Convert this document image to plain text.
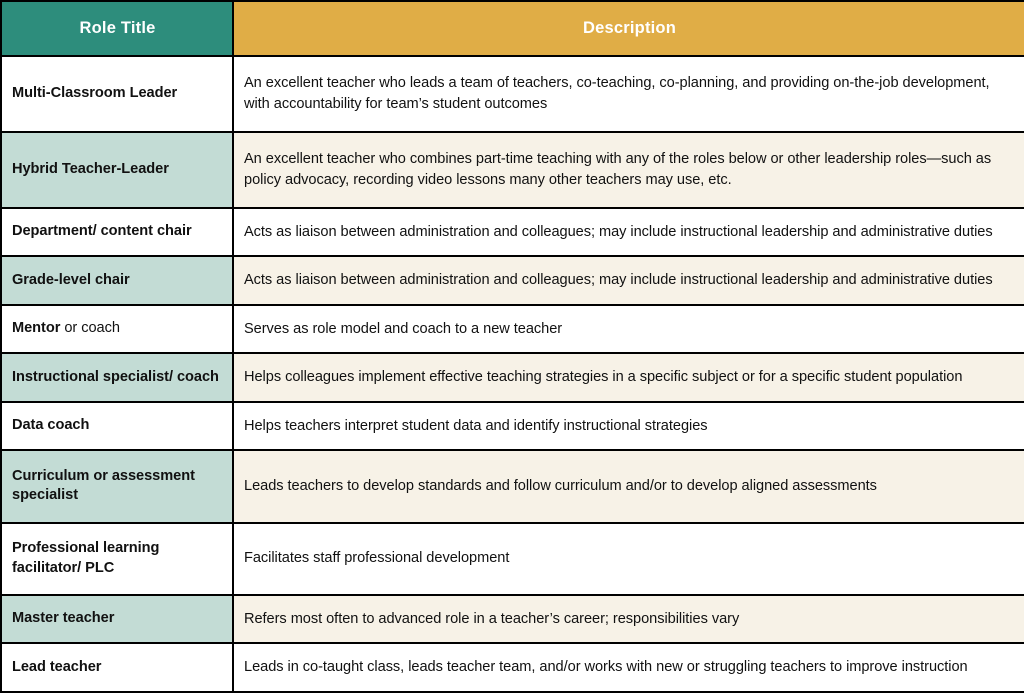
Role Title	Description
Multi-Classroom Leader	An excellent teacher who leads a team of teachers, co-teaching, co-planning, and providing on-the-job development, with accountability for team’s student outcomes
Hybrid Teacher-Leader	An excellent teacher who combines part-time teaching with any of the roles below or other leadership roles—such as policy advocacy, recording video lessons many other teachers may use, etc.
Department/ content chair	Acts as liaison between administration and colleagues; may include instructional leadership and administrative duties
Grade-level chair	Acts as liaison between administration and colleagues; may include instructional leadership and administrative duties
Mentor or coach	Serves as role model and coach to a new teacher
Instructional specialist/ coach	Helps colleagues implement effective teaching strategies in a specific subject or for a specific student population
Data coach	Helps teachers interpret student data and identify instructional strategies
Curriculum or assessment specialist	Leads teachers to develop standards and follow curriculum and/or to develop aligned assessments
Professional learning facilitator/ PLC	Facilitates staff professional development
Master teacher	Refers most often to advanced role in a teacher’s career; responsibilities vary
Lead teacher	Leads in co-taught class, leads teacher team, and/or works with new or struggling teachers to improve instruction
